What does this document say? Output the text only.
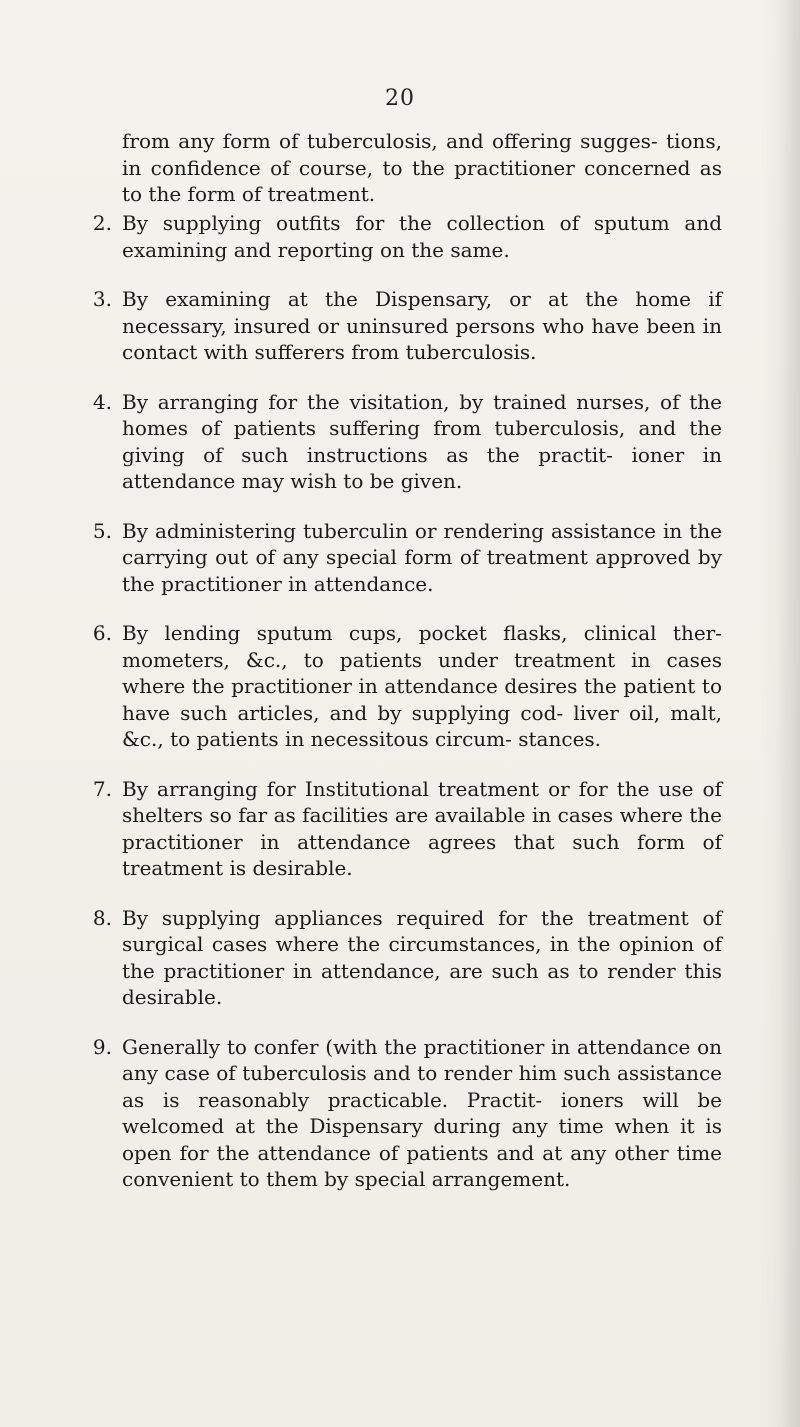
20

from any form of tuberculosis, and offering sugges- tions, in confidence of course, to the practitioner concerned as to the form of treatment.

2. By supplying outfits for the collection of sputum and examining and reporting on the same.
3. By examining at the Dispensary, or at the home if necessary, insured or uninsured persons who have been in contact with sufferers from tuberculosis.
4. By arranging for the visitation, by trained nurses, of the homes of patients suffering from tuberculosis, and the giving of such instructions as the practit- ioner in attendance may wish to be given.
5. By administering tuberculin or rendering assistance in the carrying out of any special form of treatment approved by the practitioner in attendance.
6. By lending sputum cups, pocket flasks, clinical ther- mometers, &c., to patients under treatment in cases where the practitioner in attendance desires the patient to have such articles, and by supplying cod- liver oil, malt, &c., to patients in necessitous circum- stances.
7. By arranging for Institutional treatment or for the use of shelters so far as facilities are available in cases where the practitioner in attendance agrees that such form of treatment is desirable.
8. By supplying appliances required for the treatment of surgical cases where the circumstances, in the opinion of the practitioner in attendance, are such as to render this desirable.
9. Generally to confer (with the practitioner in attendance on any case of tuberculosis and to render him such assistance as is reasonably practicable. Practit- ioners will be welcomed at the Dispensary during any time when it is open for the attendance of patients and at any other time convenient to them by special arrangement.
